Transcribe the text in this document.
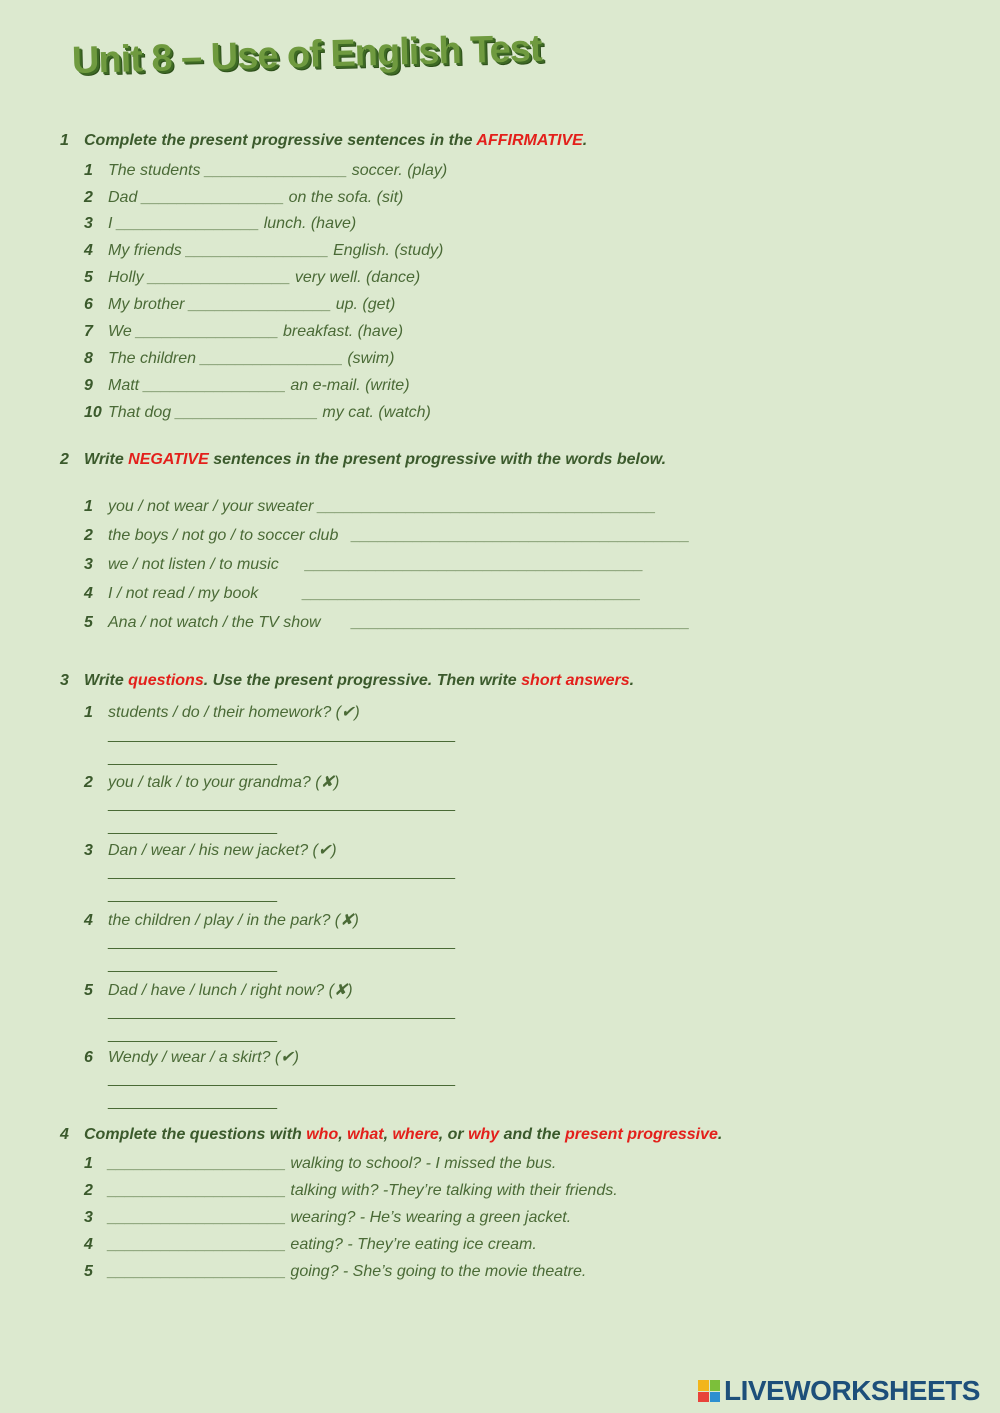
Unit 8 – Use of English Test
1 Complete the present progressive sentences in the AFFIRMATIVE.
1 The students ________________ soccer. (play)
2 Dad ________________ on the sofa. (sit)
3 I ________________ lunch. (have)
4 My friends ________________ English. (study)
5 Holly ________________ very well. (dance)
6 My brother ________________ up. (get)
7 We ________________ breakfast. (have)
8 The children ________________ (swim)
9 Matt ________________ an e-mail. (write)
10 That dog ________________ my cat. (watch)
2 Write NEGATIVE sentences in the present progressive with the words below.
1 you / not wear / your sweater ______________________________________
2 the boys / not go / to soccer club   ______________________________________
3 we / not listen / to music      ______________________________________
4 I / not read / my book          ______________________________________
5 Ana / not watch / the TV show       ______________________________________
3 Write questions. Use the present progressive. Then write short answers.
1 students / do / their homework? (✔)
_______________________________________
___________________
2 you / talk / to your grandma? (✘)
_______________________________________
___________________
3 Dan / wear / his new jacket? (✔)
_______________________________________
___________________
4 the children / play / in the park? (✘)
_______________________________________
___________________
5 Dad / have / lunch / right now? (✘)
_______________________________________
___________________
6 Wendy / wear / a skirt? (✔)
_______________________________________
___________________
4 Complete the questions with who, what, where, or why and the present progressive.
1 ____________________ walking to school? - I missed the bus.
2 ____________________ talking with? -They’re talking with their friends.
3 ____________________ wearing? - He’s wearing a green jacket.
4 ____________________ eating? - They’re eating ice cream.
5 ____________________ going? - She’s going to the movie theatre.
LIVEWORKSHEETS
